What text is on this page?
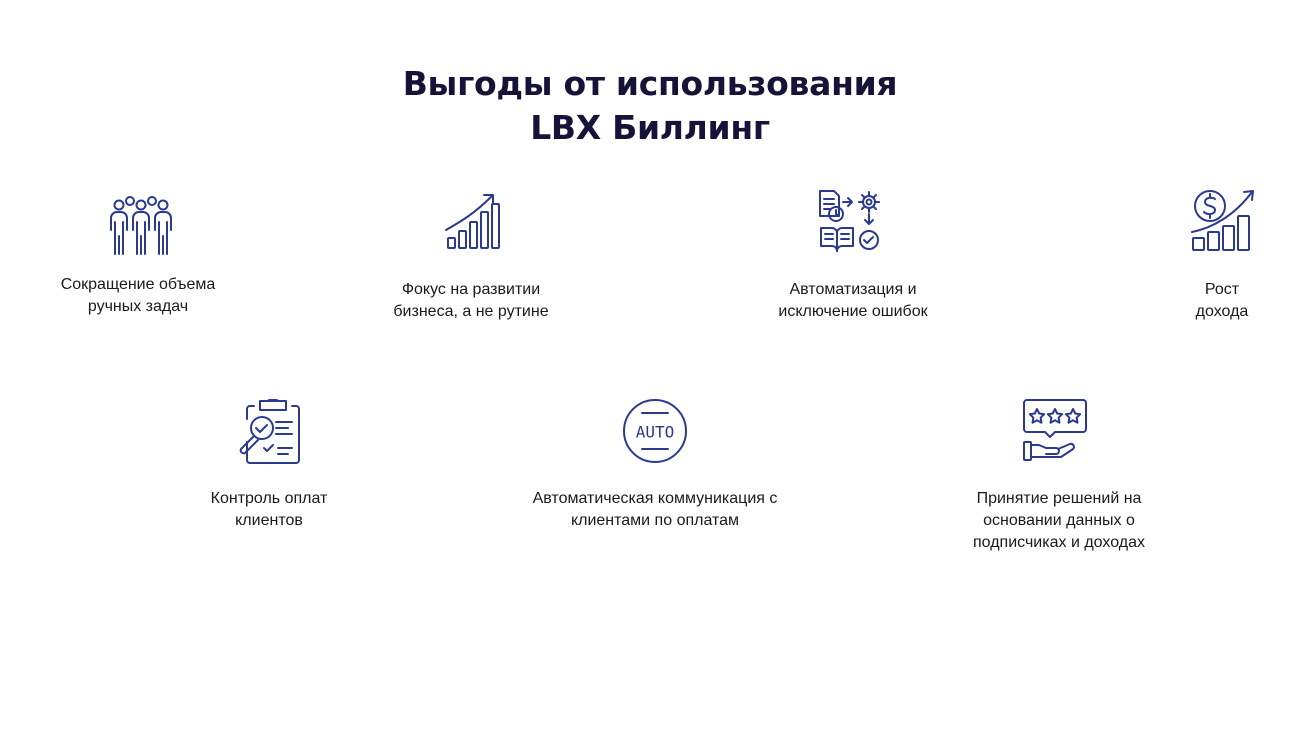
Выгоды от использования
LBX Биллинг
Сокращение объема
ручных задач
Фокус на развитии
бизнеса, а не рутине
Автоматизация и
исключение ошибок
Рост
дохода
Контроль оплат
клиентов
AUTO
Автоматическая коммуникация с
клиентами по оплатам
Принятие решений на
основании данных о
подписчиках и доходах
